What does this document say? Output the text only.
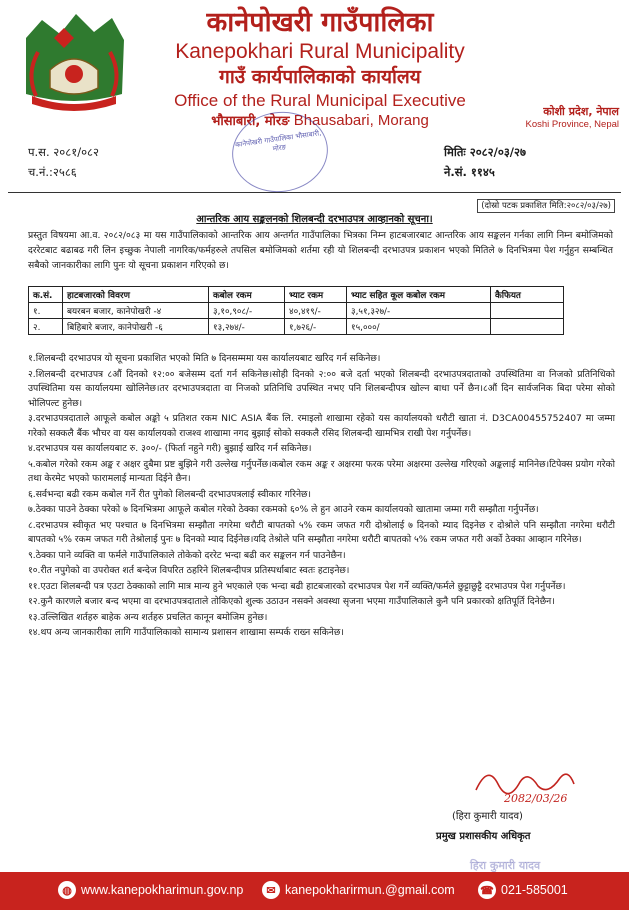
कानेपोखरी गाउँपालिका
Kanepokhari Rural Municipality
गाउँ कार्यपालिकाको कार्यालय
Office of the Rural Municipal Executive
भौसाबारी, मोरङ Bhausabari, Morang
कोशी प्रदेश, नेपाल
Koshi Province, Nepal
कानेपोखरी गाउँपालिका भौसाबारी, मोरङ
प.स. २०८१/०८२
च.नं.:२५८६
मितिः २०८२/०३/२७
ने.सं. ११४५
(दोस्रो पटक प्रकाशित मिति:२०८२/०३/२७)
आन्तरिक आय सङ्कलनको शिलबन्दी दरभाउपत्र आव्हानको सूचना।
प्रस्तुत विषयमा आ.व. २०८२/०८३ मा यस गाउँपालिकाको आन्तरिक आय अन्तर्गत गाउँपालिका भित्रका निम्न हाटबजारबाट आन्तरिक आय सङ्कलन गर्नका लागि निम्न बमोजिमको दररेटबाट बढाबढ गरी लिन इच्छुक नेपाली नागरिक/फर्महरुले तपसिल बमोजिमको शर्तमा रही यो शिलबन्दी दरभाउपत्र प्रकाशन भएको मितिले ७ दिनभित्रमा पेश गर्नुहुन सम्बन्धित सबैको जानकारीका लागि पुनः यो सूचना प्रकाशन गरिएको छ।
क.सं.	हाटबजारको विवरण	कबोल रकम	भ्याट रकम	भ्याट सहित कूल कबोल रकम	कैफियत
१.	बयरबन बजार, कानेपोखरी -४	३,१०,९०८/-	४०,४१९/-	३,५१,३२७/-	
२.	बिहिबारे बजार, कानेपोखरी -६	१३,२७४/-	१,७२६/-	१५,०००/	

१.शिलबन्दी दरभाउपत्र यो सूचना प्रकाशित भएको मिति ७ दिनसम्ममा यस कार्यालयबाट खरिद गर्न सकिनेछ।

२.शिलबन्दी दरभाउपत्र ८औं दिनको १२:०० बजेसम्म दर्ता गर्न सकिनेछ।सोही दिनको २:०० बजे दर्ता भएको शिलबन्दी दरभाउपत्रदाताको उपस्थितिमा वा निजको प्रतिनिधिको उपस्थितिमा यस कार्यालयमा खोलिनेछ।तर दरभाउपत्रदाता वा निजको प्रतिनिधि उपस्थित नभए पनि शिलबन्दीपत्र खोल्न बाधा पर्ने छैन।८औं दिन सार्वजनिक बिदा परेमा सोको भोलिपल्ट हुनेछ।

३.दरभाउपत्रदाताले आफूले कबोल अङ्को ५ प्रतिशत रकम NIC ASIA बैंक लि. रमाइलो शाखामा रहेको यस कार्यालयको धरौटी खाता नं. D3CA00455752407 मा जम्मा गरेको सक्कलै बैंक भौचर वा यस कार्यालयको राजश्व शाखामा नगद बुझाई सोको सक्कलै रसिद शिलबन्दी खामभित्र राखी पेश गर्नुपर्नेछ।

४.दरभाउपत्र यस कार्यालयबाट रु. ३००/- (फिर्ता नहुने गरी) बुझाई खरिद गर्न सकिनेछ।

५.कबोल गरेको रकम अङ्क र अक्षर दुबैमा प्रष्ट बुझिने गरी उल्लेख गर्नुपर्नेछ।कबोल रकम अङ्क र अक्षरमा फरक परेमा अक्षरमा उल्लेख गरिएको अङ्कलाई मानिनेछ।टिपेक्स प्रयोग गरेको तथा केरमेट भएको फारामलाई मान्यता दिईने छैन।

६.सर्वभन्दा बढी रकम कबोल गर्ने रीत पुगेको शिलबन्दी दरभाउपत्रलाई स्वीकार गरिनेछ।

७.ठेक्का पाउने ठेक्का परेको ७ दिनभित्रमा आफूले कबोल गरेको ठेक्का रकमको ६०% ले हुन आउने रकम कार्यालयको खातामा जम्मा गरी सम्झौता गर्नुपर्नेछ।

८.दरभाउपत्र स्वीकृत भए पश्चात ७ दिनभित्रमा सम्झौता नगरेमा धरौटी बापतको ५% रकम जफत गरी दोश्रोलाई ७ दिनको म्याद दिइनेछ र दोश्रोले पनि सम्झौता नगरेमा धरौटी बापतको ५% रकम जफत गरी तेश्रोलाई पुनः ७ दिनको म्याद दिईनेछ।यदि तेश्रोले पनि सम्झौता नगरेमा धरौटी बापतको ५% रकम जफत गरी अर्को ठेक्का आव्हान गरिनेछ।

९.ठेक्का पाने व्यक्ति वा फर्मले गाउँपालिकाले तोकेको दररेट भन्दा बढी कर सङ्कलन गर्न पाउनेछैन।

१०.रीत नपुगेको वा उपरोक्त शर्त बन्देज विपरित ठहरिने शिलबन्दीपत्र प्रतिस्पर्धाबाट स्वतः हटाइनेछ।

११.एउटा शिलबन्दी पत्र एउटा ठेक्काको लागि मात्र मान्य हुने भएकाले एक भन्दा बढी हाटबजारको दरभाउपत्र पेश गर्ने व्यक्ति/फर्मले छुट्टाछुट्टै दरभाउपत्र पेश गर्नुपर्नेछ।

१२.कुनै कारणले बजार बन्द भएमा वा दरभाउपत्रदाताले तोकिएको शुल्क उठाउन नसक्ने अवस्था सृजना भएमा गाउँपालिकाले कुनै पनि प्रकारको क्षतिपूर्ति दिनेछैन।

१३.उल्लिखित शर्तहरु बाहेक अन्य शर्तहरु प्रचलित कानून बमोजिम हुनेछ।

१४.थप अन्य जानकारीका लागि गाउँपालिकाको सामान्य प्रशासन शाखामा सम्पर्क राख्न सकिनेछ।

2082/03/26
(हिरा कुमारी यादव)
प्रमुख प्रशासकीय अधिकृत
हिरा कुमारी यादव
◍ www.kanepokharimun.gov.np	✉ kanepokharirmun.@gmail.com ☎ 021-585001
